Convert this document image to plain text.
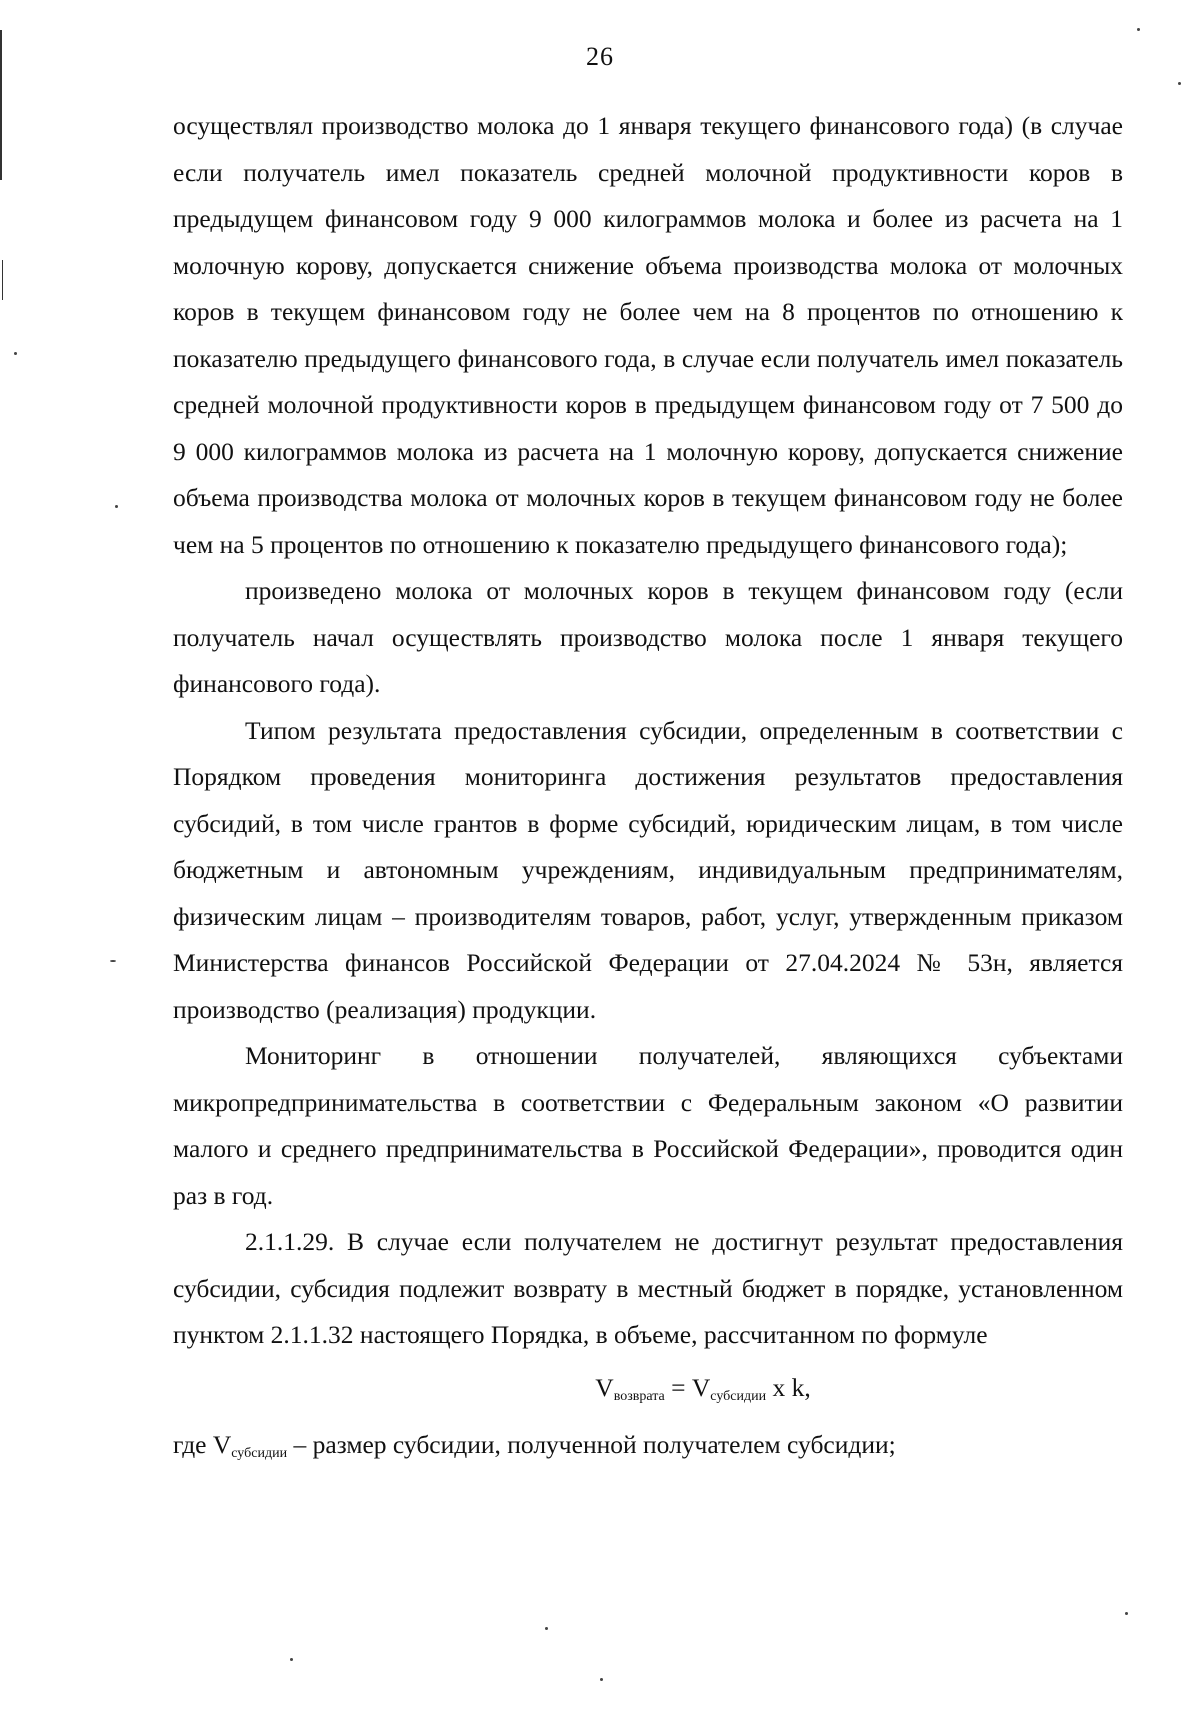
26

осуществлял производство молока до 1 января текущего финансового года) (в случае если получатель имел показатель средней молочной продуктивности коров в предыдущем финансовом году 9 000 килограммов молока и более из расчета на 1 молочную корову, допускается снижение объема производства молока от молочных коров в текущем финансовом году не более чем на 8 процентов по отношению к показателю предыдущего финансового года, в случае если получатель имел показатель средней молочной продуктивности коров в предыдущем финансовом году от 7 500 до 9 000 килограммов молока из расчета на 1 молочную корову, допускается снижение объема производства молока от молочных коров в текущем финансовом году не более чем на 5 процентов по отношению к показателю предыдущего финансового года);

произведено молока от молочных коров в текущем финансовом году (если получатель начал осуществлять производство молока после 1 января текущего финансового года).

Типом результата предоставления субсидии, определенным в соответствии с Порядком проведения мониторинга достижения результатов предоставления субсидий, в том числе грантов в форме субсидий, юридическим лицам, в том числе бюджетным и автономным учреждениям, индивидуальным предпринимателям, физическим лицам – производителям товаров, работ, услуг, утвержденным приказом Министерства финансов Российской Федерации от 27.04.2024 № 53н, является производство (реализация) продукции.

Мониторинг в отношении получателей, являющихся субъектами микропредпринимательства в соответствии с Федеральным законом «О развитии малого и среднего предпринимательства в Российской Федерации», проводится один раз в год.

2.1.1.29. В случае если получателем не достигнут результат предоставления субсидии, субсидия подлежит возврату в местный бюджет в порядке, установленном пунктом 2.1.1.32 настоящего Порядка, в объеме, рассчитанном по формуле

$V_{возврата} = V_{субсидии}$ х k,

где $V_{субсидии}$ – размер субсидии, полученной получателем субсидии;
